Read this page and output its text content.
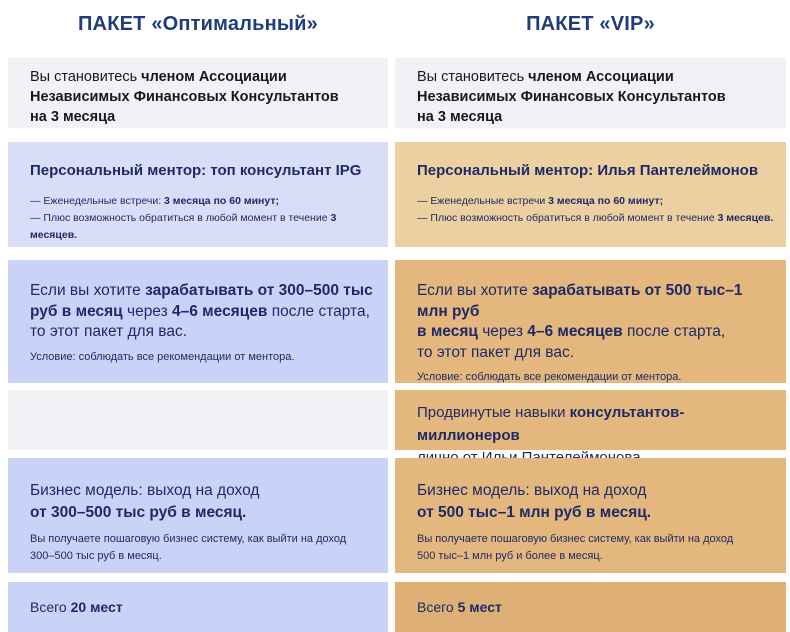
ПАКЕТ «Оптимальный»

Вы становитесь членом Ассоциации
Независимых Финансовых Консультантов
на 3 месяца

Персональный ментор: топ консультант IPG

— Еженедельные встречи: 3 месяца по 60 минут;

— Плюс возможность обратиться в любой момент в течение 3 месяцев.

Если вы хотите зарабатывать от 300–500 тыс
руб в месяц через 4–6 месяцев после старта,
то этот пакет для вас.

Условие: соблюдать все рекомендации от ментора.

Бизнес модель: выход на доход
от 300–500 тыс руб в месяц.

Вы получаете пошаговую бизнес систему, как выйти на доход
300–500 тыс руб в месяц.

Всего 20 мест

ПАКЕТ «VIP»

Вы становитесь членом Ассоциации
Независимых Финансовых Консультантов
на 3 месяца

Персональный ментор: Илья Пантелеймонов

— Еженедельные встречи 3 месяца по 60 минут;

— Плюс возможность обратиться в любой момент в течение 3 месяцев.

Если вы хотите зарабатывать от 500 тыс–1 млн руб
в месяц через 4–6 месяцев после старта,
то этот пакет для вас.

Условие: соблюдать все рекомендации от ментора.

Продвинутые навыки консультантов-миллионеров

Бизнес модель: выход на доход
от 500 тыс–1 млн руб в месяц.

Вы получаете пошаговую бизнес систему, как выйти на доход
500 тыс–1 млн руб и более в месяц.

Всего 5 мест
